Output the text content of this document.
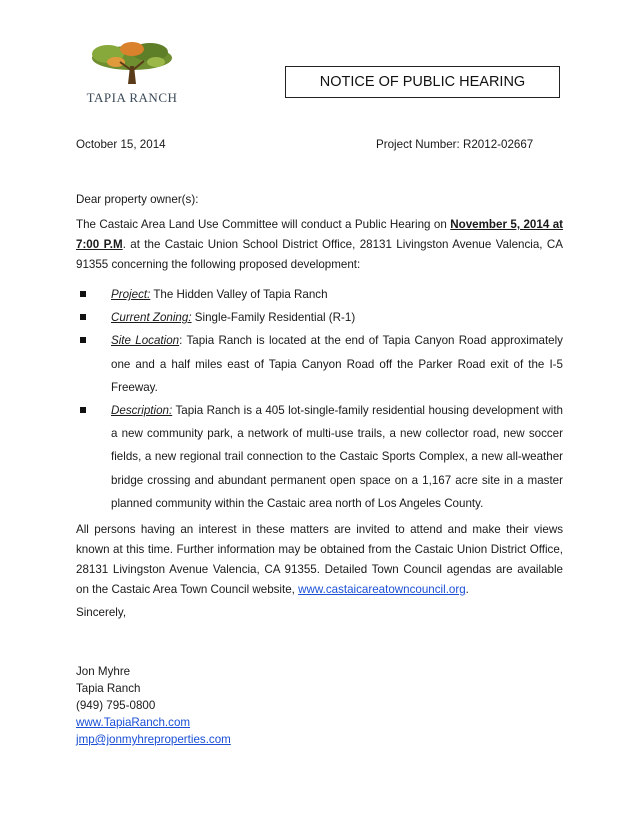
TAPIA RANCH
NOTICE OF PUBLIC HEARING
October 15, 2014	Project Number: R2012-02667
Dear property owner(s):
The Castaic Area Land Use Committee will conduct a Public Hearing on November 5, 2014 at 7:00 P.M. at the Castaic Union School District Office, 28131 Livingston Avenue Valencia, CA 91355 concerning the following proposed development:
Project: The Hidden Valley of Tapia Ranch
Current Zoning: Single-Family Residential (R-1)
Site Location: Tapia Ranch is located at the end of Tapia Canyon Road approximately one and a half miles east of Tapia Canyon Road off the Parker Road exit of the I-5 Freeway.
Description: Tapia Ranch is a 405 lot-single-family residential housing development with a new community park, a network of multi-use trails, a new collector road, new soccer fields, a new regional trail connection to the Castaic Sports Complex, a new all-weather bridge crossing and abundant permanent open space on a 1,167 acre site in a master planned community within the Castaic area north of Los Angeles County.
All persons having an interest in these matters are invited to attend and make their views known at this time. Further information may be obtained from the Castaic Union District Office, 28131 Livingston Avenue Valencia, CA 91355. Detailed Town Council agendas are available on the Castaic Area Town Council website, www.castaicareatowncouncil.org.
Sincerely,
Jon Myhre
Tapia Ranch
(949) 795-0800
www.TapiaRanch.com
jmp@jonmyhreproperties.com
